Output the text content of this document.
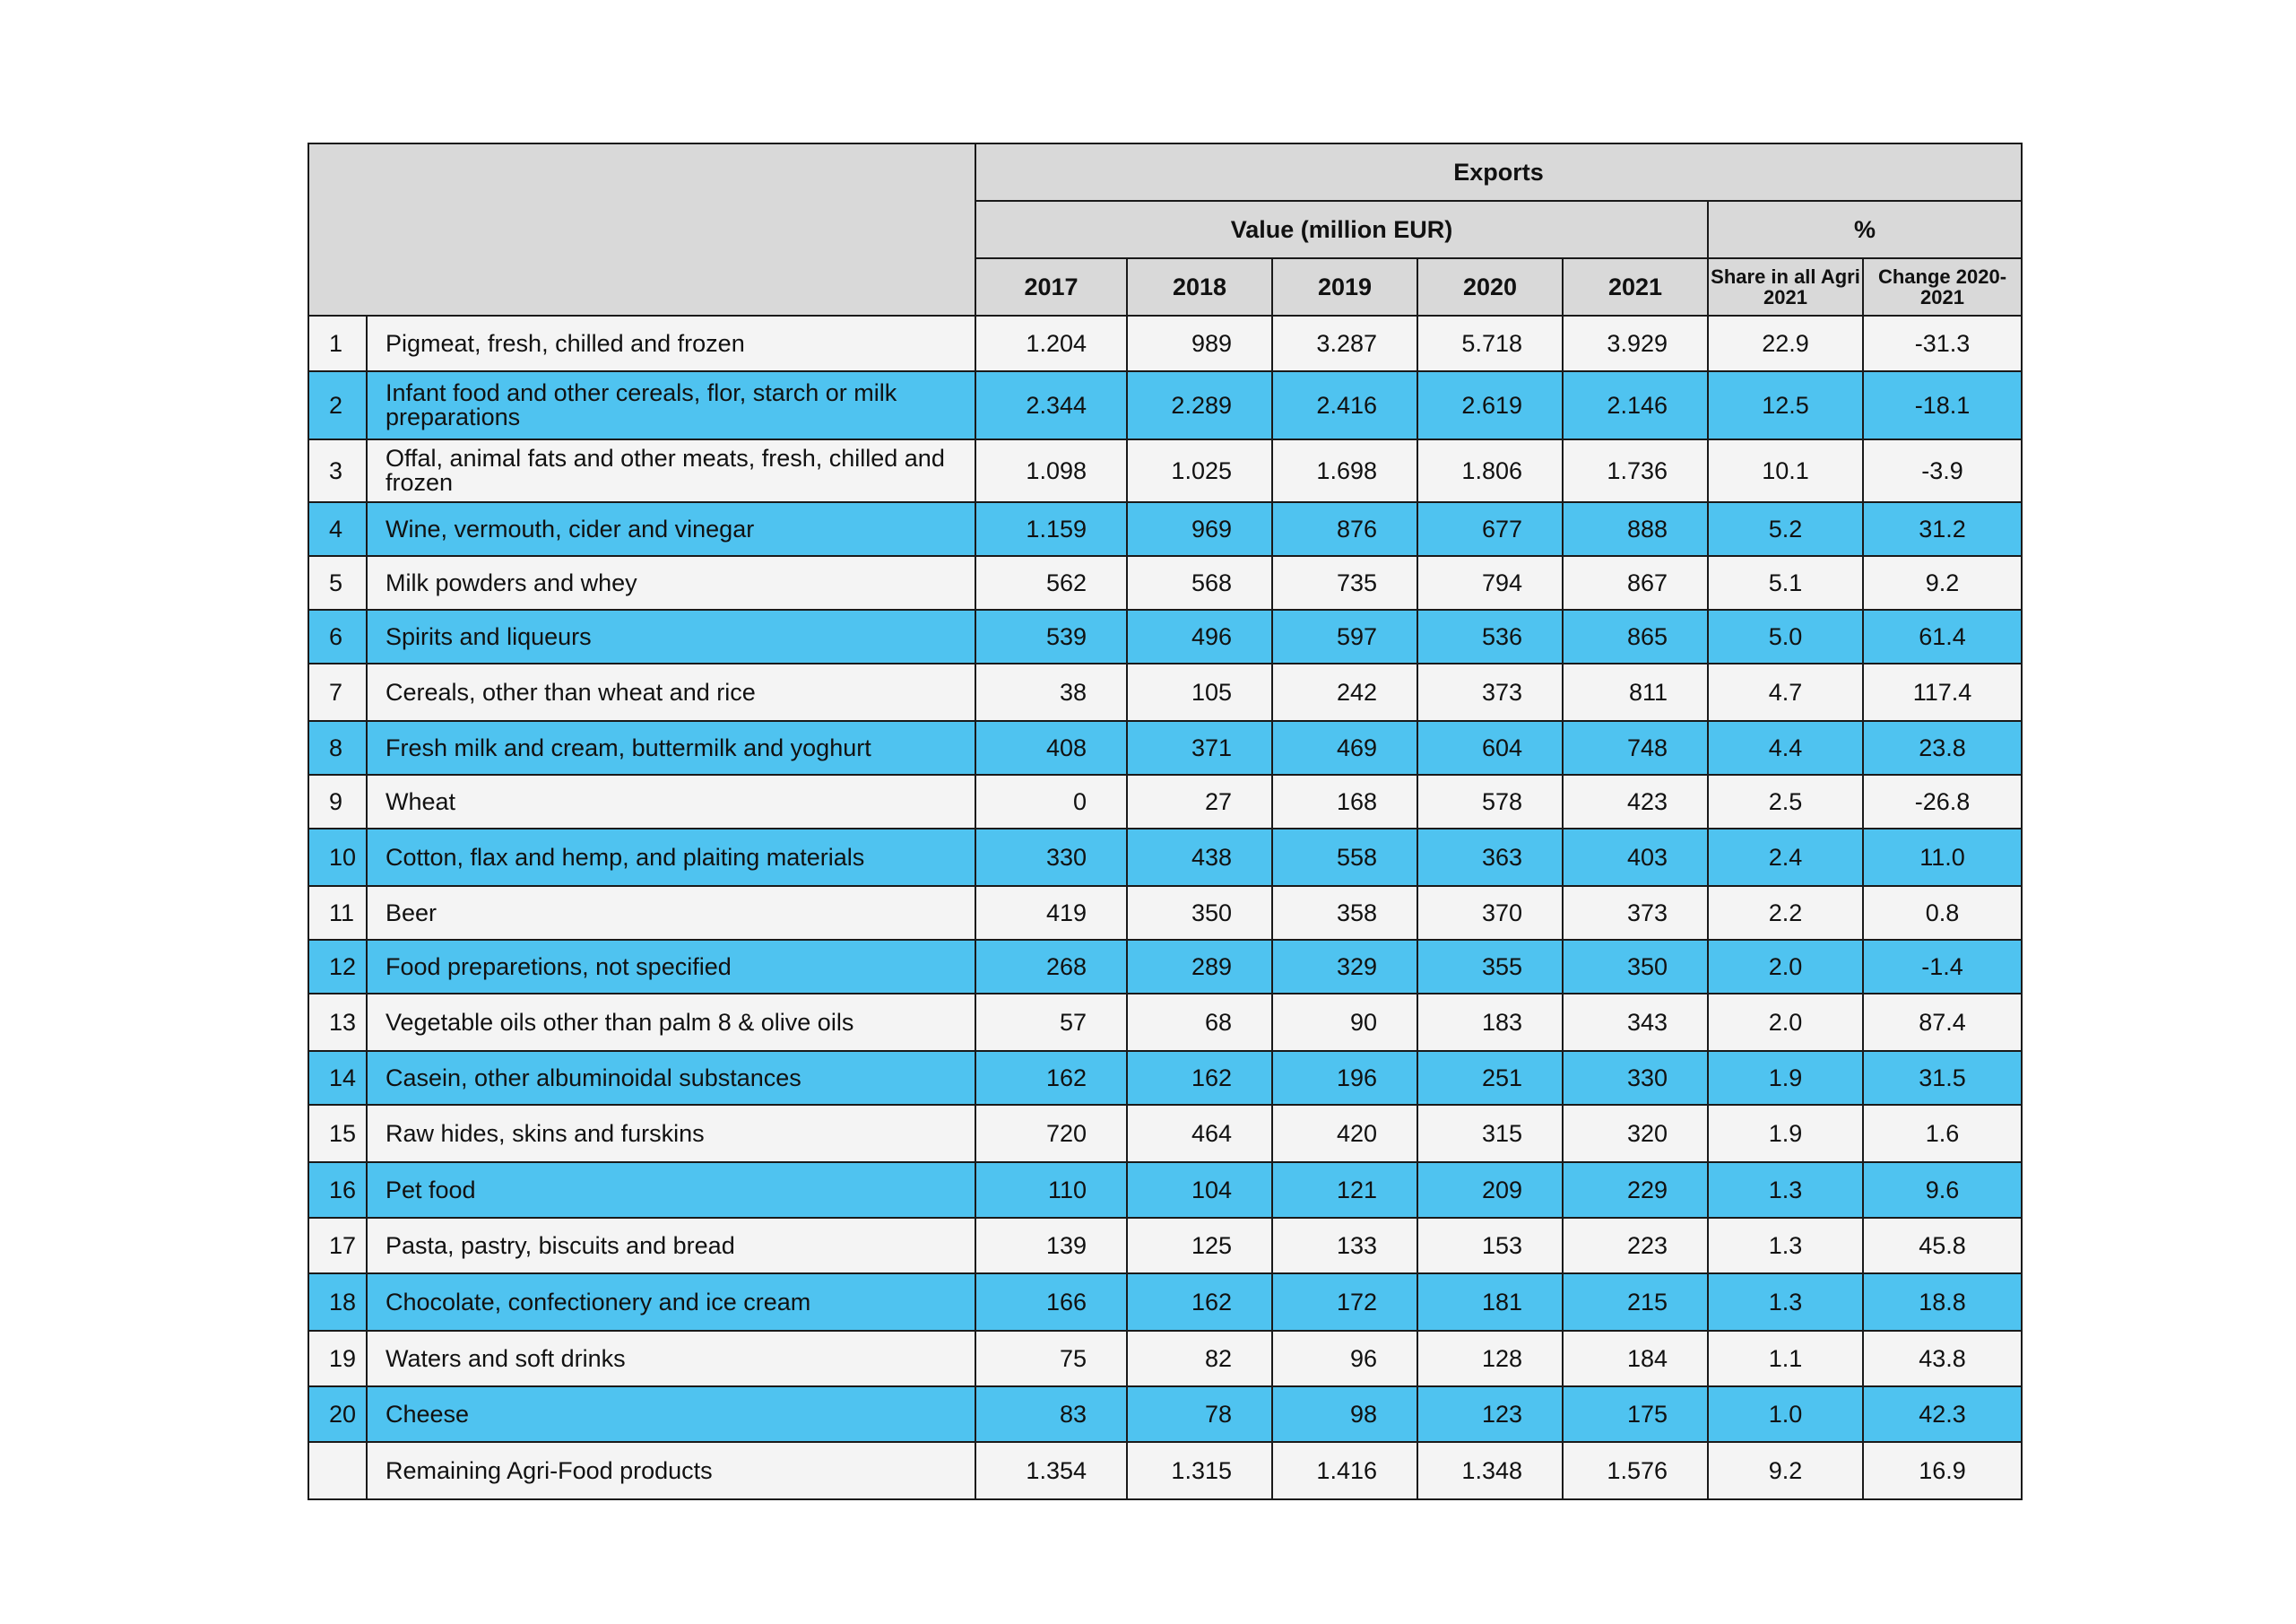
		Exports						
		Value (million EUR)					%	
		2017	2018	2019	2020	2021	Share in all Agri 2021	Change 2020-2021
1	Pigmeat, fresh, chilled and frozen	1.204	989	3.287	5.718	3.929	22.9	-31.3
2	Infant food and other cereals, flor, starch or milk preparations	2.344	2.289	2.416	2.619	2.146	12.5	-18.1
3	Offal, animal fats and other meats, fresh, chilled and frozen	1.098	1.025	1.698	1.806	1.736	10.1	-3.9
4	Wine, vermouth, cider and vinegar	1.159	969	876	677	888	5.2	31.2
5	Milk powders and whey	562	568	735	794	867	5.1	9.2
6	Spirits and liqueurs	539	496	597	536	865	5.0	61.4
7	Cereals, other than wheat and rice	38	105	242	373	811	4.7	117.4
8	Fresh milk and cream, buttermilk and yoghurt	408	371	469	604	748	4.4	23.8
9	Wheat	0	27	168	578	423	2.5	-26.8
10	Cotton, flax and hemp, and plaiting materials	330	438	558	363	403	2.4	11.0
11	Beer	419	350	358	370	373	2.2	0.8
12	Food preparetions, not specified	268	289	329	355	350	2.0	-1.4
13	Vegetable oils other than palm 8 & olive oils	57	68	90	183	343	2.0	87.4
14	Casein, other albuminoidal substances	162	162	196	251	330	1.9	31.5
15	Raw hides, skins and furskins	720	464	420	315	320	1.9	1.6
16	Pet food	110	104	121	209	229	1.3	9.6
17	Pasta, pastry, biscuits and bread	139	125	133	153	223	1.3	45.8
18	Chocolate, confectionery and ice cream	166	162	172	181	215	1.3	18.8
19	Waters and soft drinks	75	82	96	128	184	1.1	43.8
20	Cheese	83	78	98	123	175	1.0	42.3
	Remaining Agri-Food products	1.354	1.315	1.416	1.348	1.576	9.2	16.9
